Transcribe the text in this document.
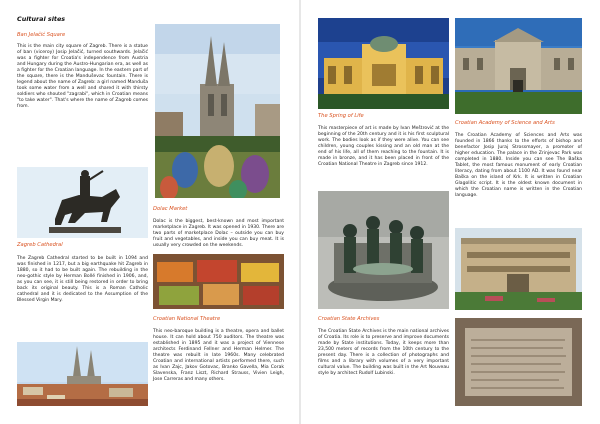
Cultural sites
Ban Jelačić Square
This is the main city square of Zagreb. There is a statue of ban (viceroy) Josip Jelačić, turned southwards. Jelačić was a fighter for Croatia's independence from Austria and Hungary during the Austro-Hungarian era, as well as a fighter for the Croatian language. In the eastern part of the square, there is the Manduševac fountain. There is legend about the name of Zagreb: a girl named Manduša took some water from a well and shared it with thirsty soldiers who shouted "zagrabi", which in Croatian means "to take water". That's where the name of Zagreb comes from.
Zagreb Cathedral
The Zagreb Cathedral started to be built in 1094 and was finished in 1217, but a big earthquake hit Zagreb in 1880, so it had to be built again. The rebuilding in the neo-gothic style by Herman Bollé finished in 1906, and, as you can see, it is still being restored in order to bring back its original beauty. This is a Roman Catholic cathedral and it is dedicated to the Assumption of the Blessed Virgin Mary.
Dolac Market
Dolac is the biggest, best-known and most important marketplace in Zagreb. It was opened in 1930. There are two parts of marketplace Dolac – outside you can buy fruit and vegetables, and inside you can buy meat. It is usually very crowded on the weekends.
Croatian National Theatre
This neo-baroque building is a theatre, opera and ballet house. It can hold about 750 auditors. The theatre was established in 1895 and it was a project of Viennese architects Ferdinand Fellner and Herman Helmer. The theatre was rebuilt in late 1960s. Many celebrated Croatian and international artists performed there, such as Ivan Zajc, Jakov Gotovac, Branko Gavella, Mia Corak Slavenska, Franz Liszt, Richard Strauss, Vivien Leigh, Jose Carreras and many others.
The Spring of Life
This masterpiece of art is made by Ivan Meštrović at the beginning of the 20th century and it is his first sculptural work. The bodies look as if they were alive. You can see children, young couples kissing and an old man at the end of his life, all of them reaching to the fountain. It is made in bronze, and it has been placed in front of the Croatian National Theatre in Zagreb since 1912.
Croatian Academy of Science and Arts
The Croatian Academy of Sciences and Arts was founded in 1866 thanks to the efforts of bishop and benefactor Josip Juraj Strossmayer, a promoter of higher education. The palace in the Zrinjevac Park was completed in 1880. Inside you can see The Baška Tablet, the most famous monument of early Croatian literacy, dating from about 1100 AD. It was found near Baška on the island of Krk. It is written in Croatian Glagolitic script. It is the oldest known document in which the Croatian name is written in the Croatian language.
Croatian State Archives
The Croatian State Archives is the main national archives of Croatia. Its role is to preserve and improve documents made by State institutions. Today, it keeps more than 23,500 meters of records from the 10th century to the present day. There is a collection of photographs and films and a library with volumes of a very important cultural value. The building was built in the Art Nouveau style by architect Rudolf Lubinski.
